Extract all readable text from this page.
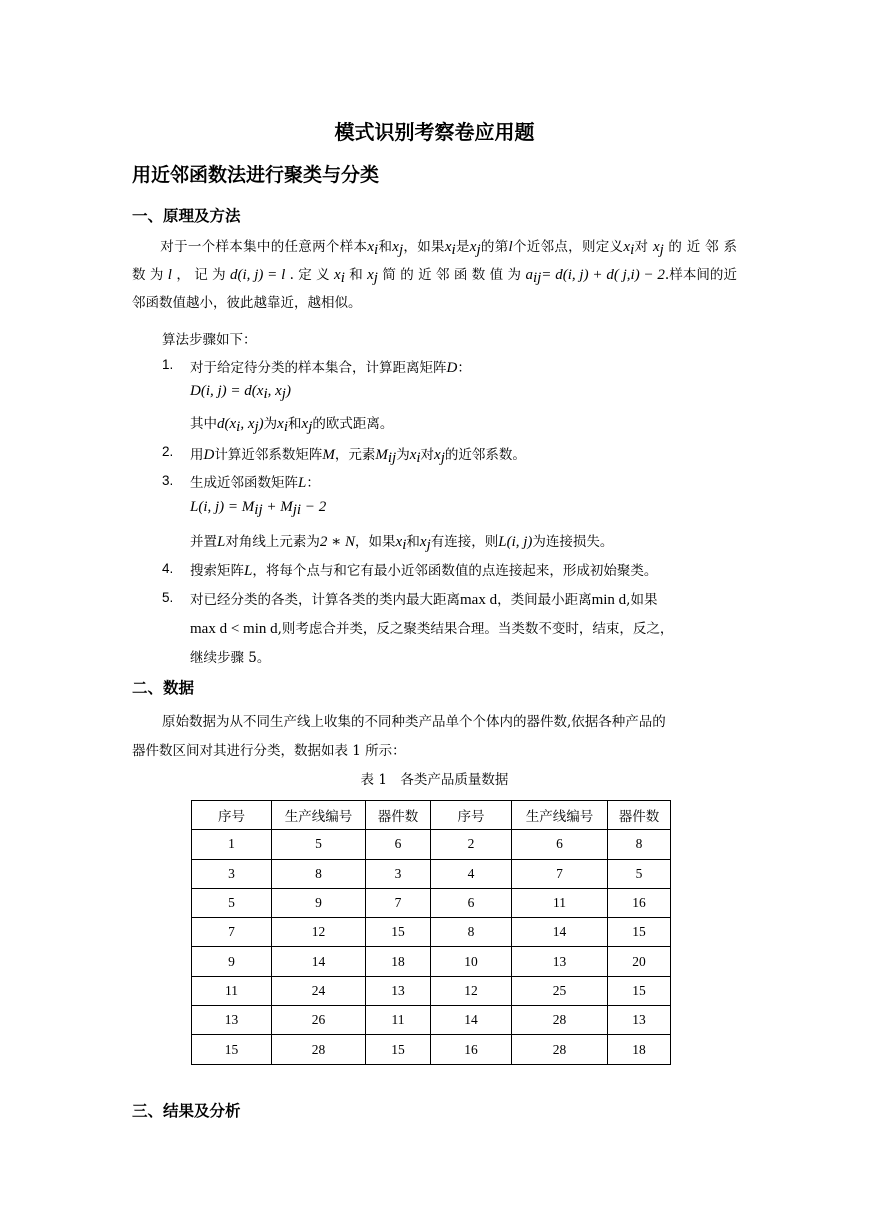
模式识别考察卷应用题
用近邻函数法进行聚类与分类
一、原理及方法
对于一个样本集中的任意两个样本$x_i$和$x_j$，如果$x_i$是$x_j$的第l个近邻点，则定义$x_i$对 $x_j$ 的 近 邻 系 数 为 l ， 记 为 d(i, j) = l . 定 义 $x_i$ 和 $x_j$ 简 的 近 邻 函 数 值 为 $a_{ij}= d(i$, j) + d( j,i) − 2.样本间的近邻函数值越小，彼此越靠近，越相似。
算法步骤如下：
1. 对于给定待分类的样本集合，计算距离矩阵D：
D(i, $j) = d(x_i$, $x_j$)
其中$d(x_i$, $x_j$)为$x_i$和$x_j$的欧式距离。
2. 用D计算近邻系数矩阵M，元素$M_{ij}$为$x_i$对$x_j$的近邻系数。
3. 生成近邻函数矩阵L：
L(i, $j) = M_{ij} + M_{ji} - 2$
并置L对角线上元素为2 ∗ N，如果$x_i$和$x_j$有连接，则L(i, j)为连接损失。
4. 搜索矩阵L，将每个点与和它有最小近邻函数值的点连接起来，形成初始聚类。
5. 对已经分类的各类，计算各类的类内最大距离max d，类间最小距离min d,如果
max d < min d,则考虑合并类，反之聚类结果合理。当类数不变时，结束，反之，
继续步骤 5。
二、数据
原始数据为从不同生产线上收集的不同种类产品单个个体内的器件数,依据各种产品的
器件数区间对其进行分类，数据如表 1 所示：
表 1　各类产品质量数据
序号	生产线编号	器件数	序号	生产线编号	器件数
1	5	6	2	6	8
3	8	3	4	7	5
5	9	7	6	11	16
7	12	15	8	14	15
9	14	18	10	13	20
11	24	13	12	25	15
13	26	11	14	28	13
15	28	15	16	28	18
三、结果及分析
